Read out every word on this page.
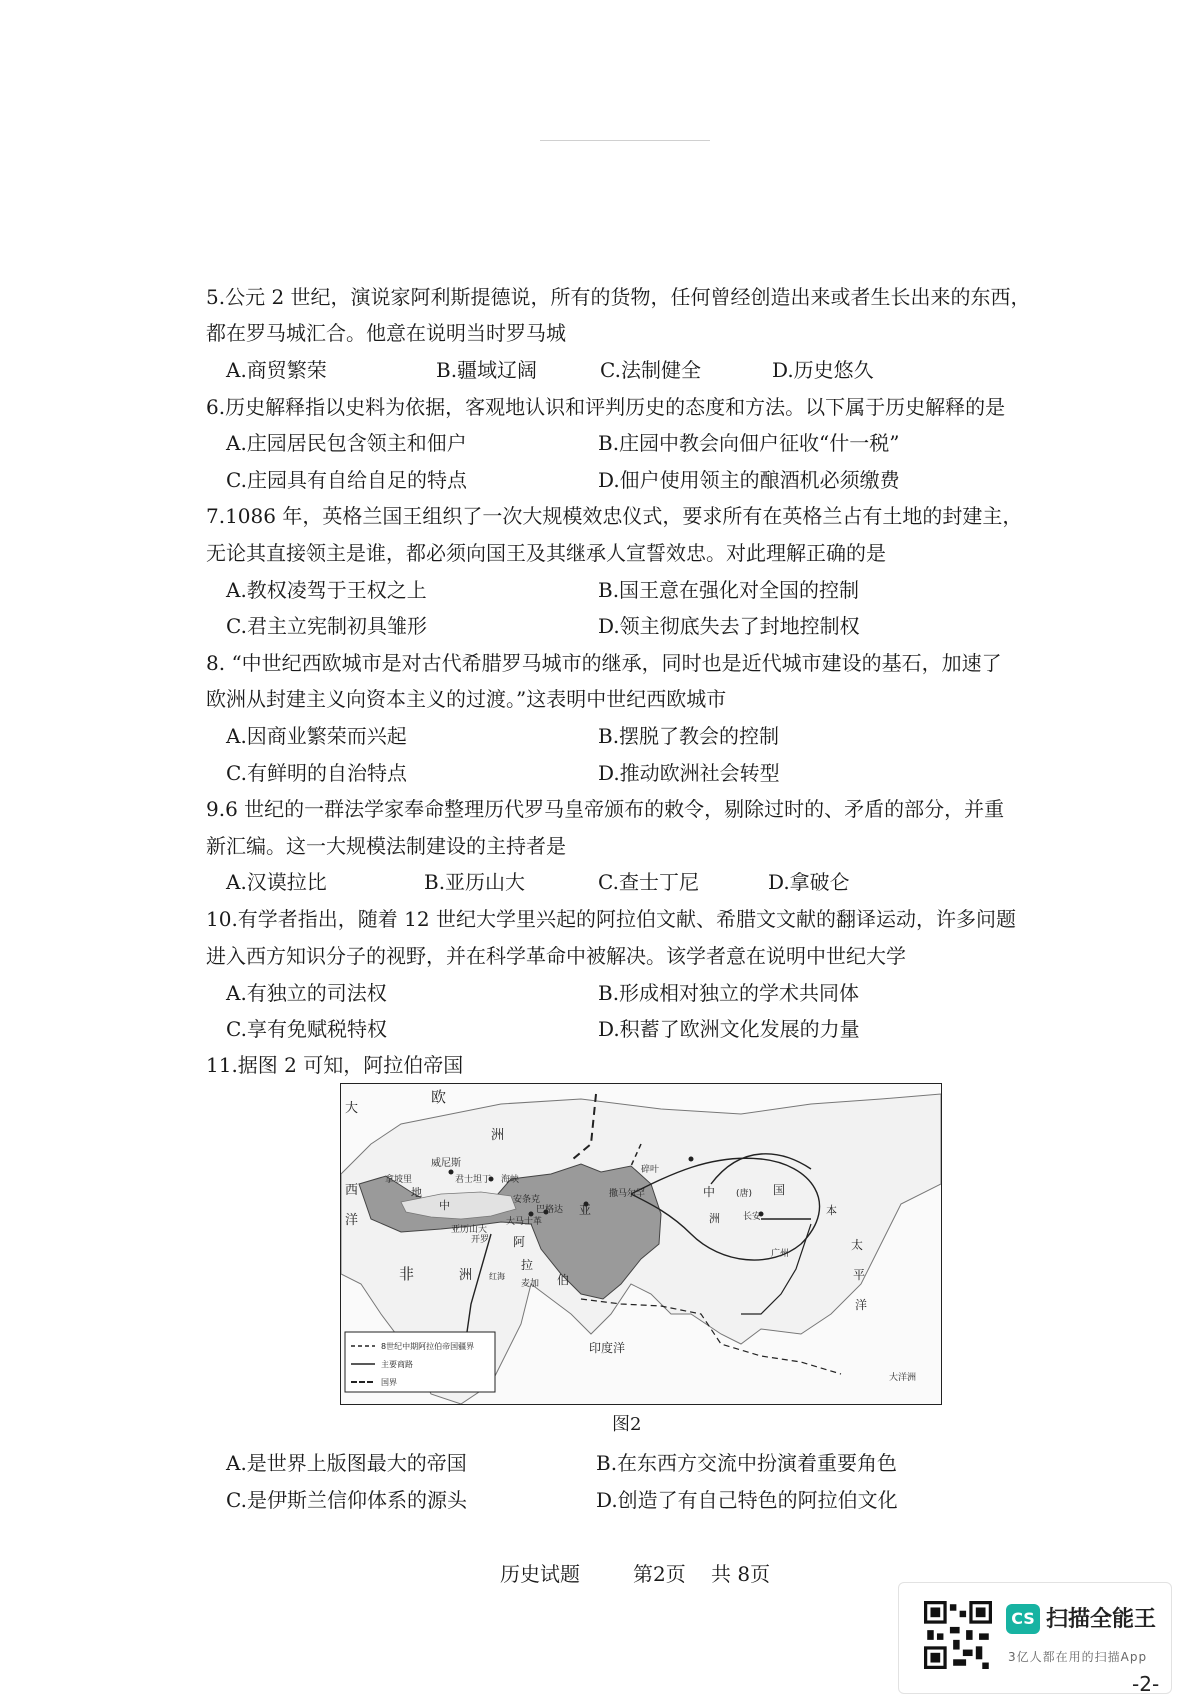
5.公元 2 世纪，演说家阿利斯提德说，所有的货物，任何曾经创造出来或者生长出来的东西，
都在罗马城汇合。他意在说明当时罗马城
A.商贸繁荣	B.疆域辽阔	C.法制健全	D.历史悠久
6.历史解释指以史料为依据，客观地认识和评判历史的态度和方法。以下属于历史解释的是
A.庄园居民包含领主和佃户	B.庄园中教会向佃户征收“什一税”
C.庄园具有自给自足的特点	D.佃户使用领主的酿酒机必须缴费
7.1086 年，英格兰国王组织了一次大规模效忠仪式，要求所有在英格兰占有土地的封建主，
无论其直接领主是谁，都必须向国王及其继承人宣誓效忠。对此理解正确的是
A.教权凌驾于王权之上	B.国王意在强化对全国的控制
C.君主立宪制初具雏形	D.领主彻底失去了封地控制权
8. “中世纪西欧城市是对古代希腊罗马城市的继承，同时也是近代城市建设的基石，加速了
欧洲从封建主义向资本主义的过渡。”这表明中世纪西欧城市
A.因商业繁荣而兴起	B.摆脱了教会的控制
C.有鲜明的自治特点	D.推动欧洲社会转型
9.6 世纪的一群法学家奉命整理历代罗马皇帝颁布的敕令，剔除过时的、矛盾的部分，并重
新汇编。这一大规模法制建设的主持者是
A.汉谟拉比	B.亚历山大	C.查士丁尼	D.拿破仑
10.有学者指出，随着 12 世纪大学里兴起的阿拉伯文献、希腊文文献的翻译运动，许多问题
进入西方知识分子的视野，并在科学革命中被解决。该学者意在说明中世纪大学
A.有独立的司法权	B.形成相对独立的学术共同体
C.享有免赋税特权	D.积蓄了欧洲文化发展的力量
11.据图 2 可知，阿拉伯帝国
大
西
洋
欧
洲
威尼斯
拿坡里	君士坦丁 海峡
地
中
亚历山大
开罗
大马士革
安条克
巴格达 亚
阿
拉
伯
麦加
红海
非	洲
印度洋
撒马尔罕
碎叶
中	国
(唐)
洲	长安
广州
本
太
平
洋
大洋洲
8世纪中期阿拉伯帝国疆界
主要商路
国界
图2
A.是世界上版图最大的帝国	B.在东西方交流中扮演着重要角色
C.是伊斯兰信仰体系的源头	D.创造了有自己特色的阿拉伯文化
历史试题	第2页 共 8页
CS 扫描全能王
3亿人都在用的扫描App
-2-
